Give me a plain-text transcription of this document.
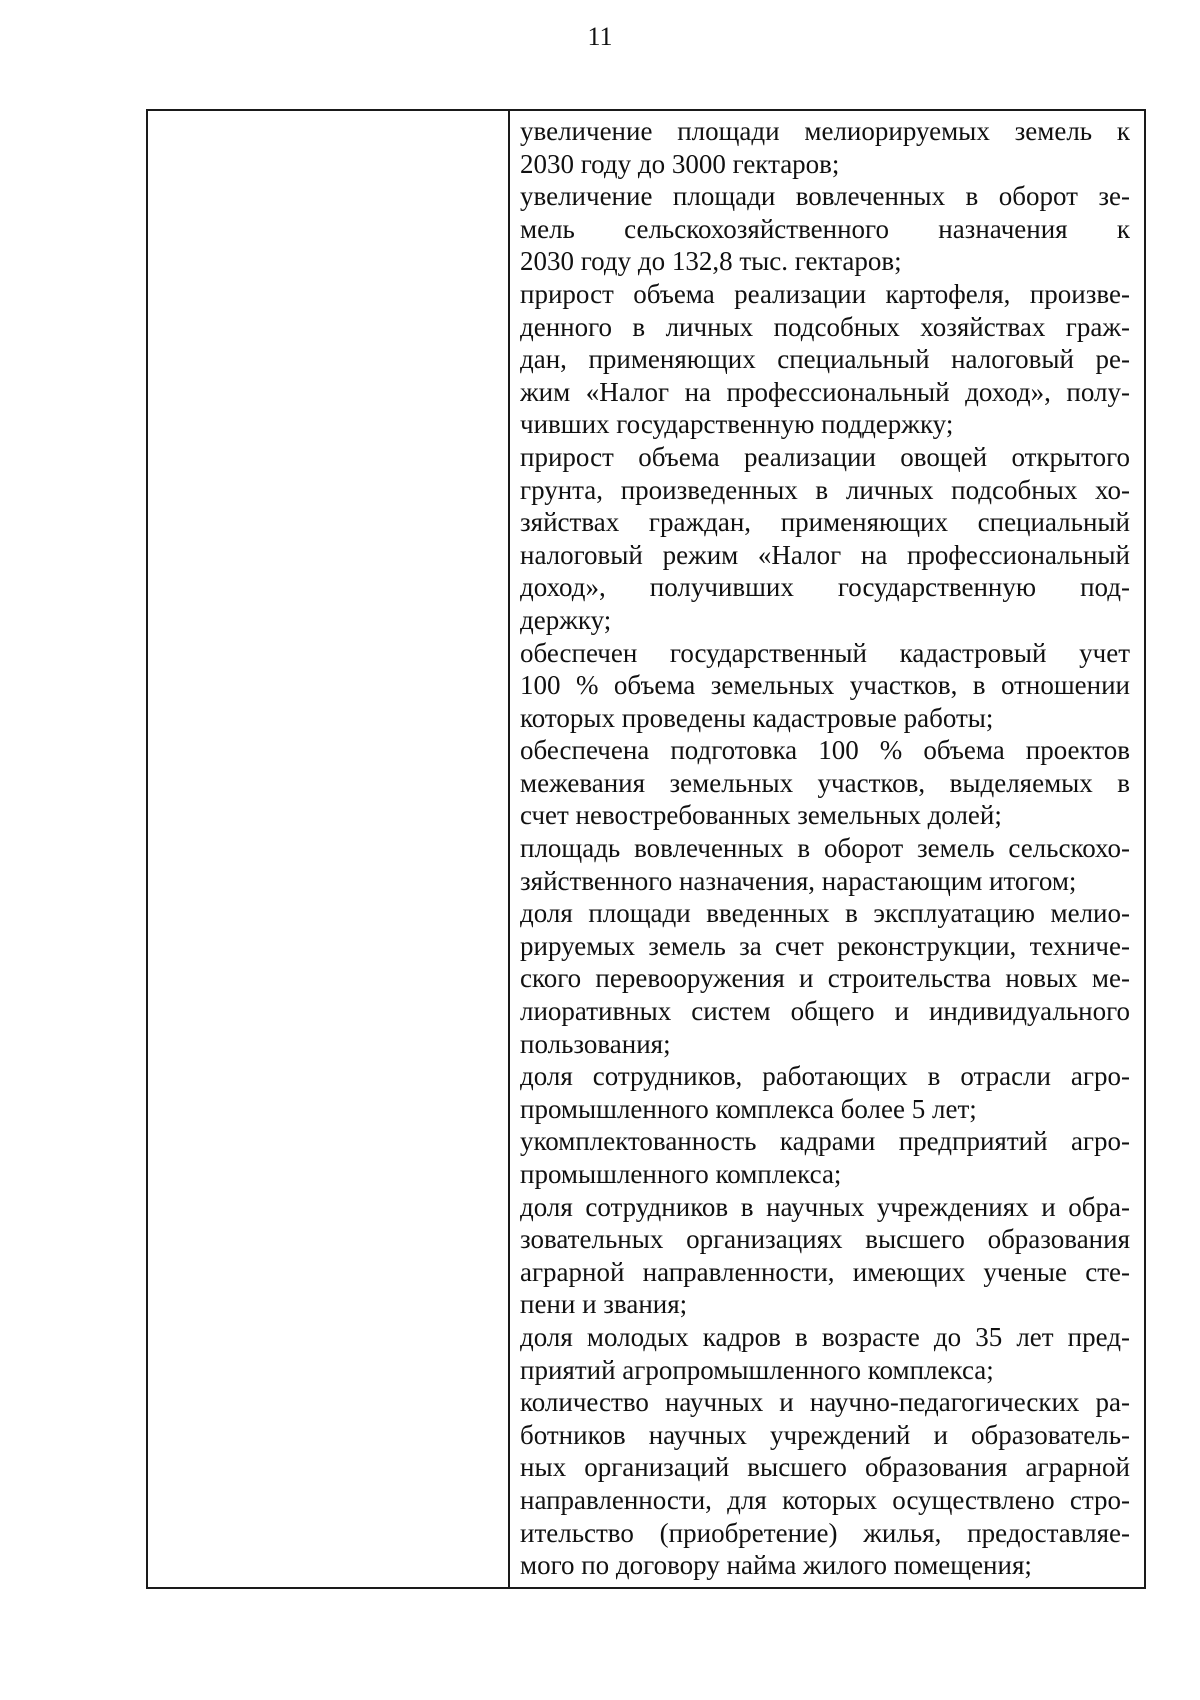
11
увеличение площади мелиорируемых земель к
2030 году до 3000 гектаров;
увеличение площади вовлеченных в оборот зе-
мель сельскохозяйственного назначения к
2030 году до 132,8 тыс. гектаров;
прирост объема реализации картофеля, произве-
денного в личных подсобных хозяйствах граж-
дан, применяющих специальный налоговый ре-
жим «Налог на профессиональный доход», полу-
чивших государственную поддержку;
прирост объема реализации овощей открытого
грунта, произведенных в личных подсобных хо-
зяйствах граждан, применяющих специальный
налоговый режим «Налог на профессиональный
доход», получивших государственную под-
держку;
обеспечен государственный кадастровый учет
100 % объема земельных участков, в отношении
которых проведены кадастровые работы;
обеспечена подготовка 100 % объема проектов
межевания земельных участков, выделяемых в
счет невостребованных земельных долей;
площадь вовлеченных в оборот земель сельскохо-
зяйственного назначения, нарастающим итогом;
доля площади введенных в эксплуатацию мелио-
рируемых земель за счет реконструкции, техниче-
ского перевооружения и строительства новых ме-
лиоративных систем общего и индивидуального
пользования;
доля сотрудников, работающих в отрасли агро-
промышленного комплекса более 5 лет;
укомплектованность кадрами предприятий агро-
промышленного комплекса;
доля сотрудников в научных учреждениях и обра-
зовательных организациях высшего образования
аграрной направленности, имеющих ученые сте-
пени и звания;
доля молодых кадров в возрасте до 35 лет пред-
приятий агропромышленного комплекса;
количество научных и научно-педагогических ра-
ботников научных учреждений и образователь-
ных организаций высшего образования аграрной
направленности, для которых осуществлено стро-
ительство (приобретение) жилья, предоставляе-
мого по договору найма жилого помещения;
